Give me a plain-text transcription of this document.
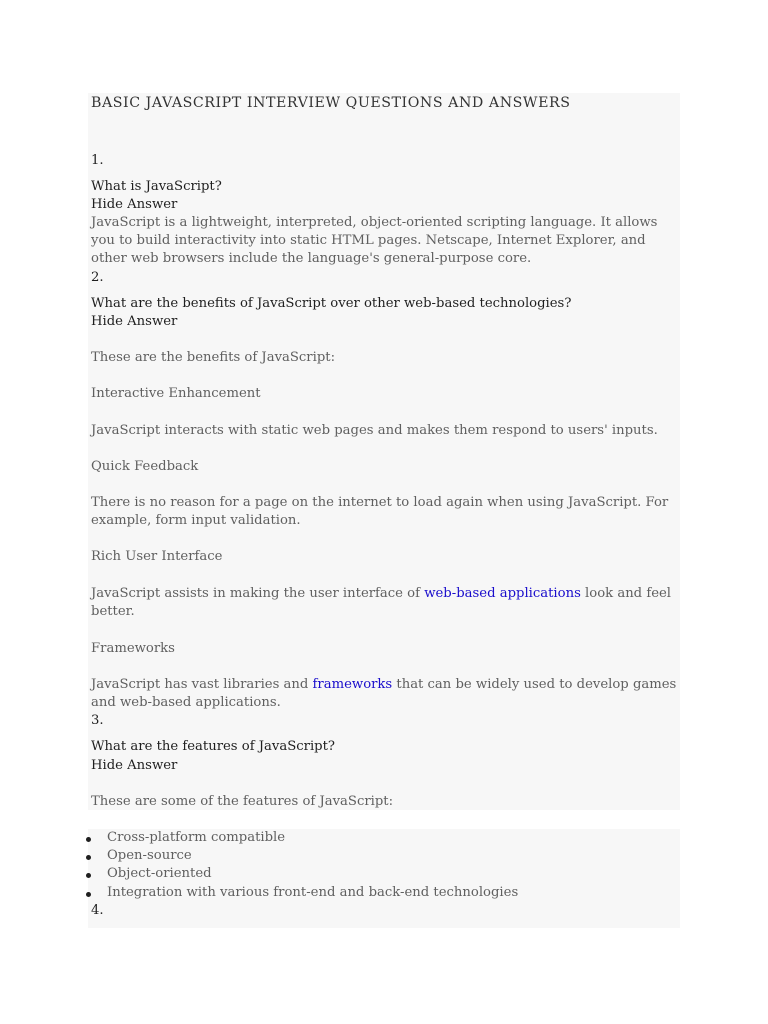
BASIC JAVASCRIPT INTERVIEW QUESTIONS AND ANSWERS
1.
What is JavaScript?
Hide Answer
JavaScript is a lightweight, interpreted, object-oriented scripting language. It allows you to build interactivity into static HTML pages. Netscape, Internet Explorer, and other web browsers include the language's general-purpose core.
2.
What are the benefits of JavaScript over other web-based technologies?
Hide Answer
These are the benefits of JavaScript:
Interactive Enhancement
JavaScript interacts with static web pages and makes them respond to users' inputs.
Quick Feedback
There is no reason for a page on the internet to load again when using JavaScript. For example, form input validation.
Rich User Interface
JavaScript assists in making the user interface of web-based applications look and feel better.
Frameworks
JavaScript has vast libraries and frameworks that can be widely used to develop games and web-based applications.
3.
What are the features of JavaScript?
Hide Answer
These are some of the features of JavaScript:
Cross-platform compatible
Open-source
Object-oriented
Integration with various front-end and back-end technologies
4.
